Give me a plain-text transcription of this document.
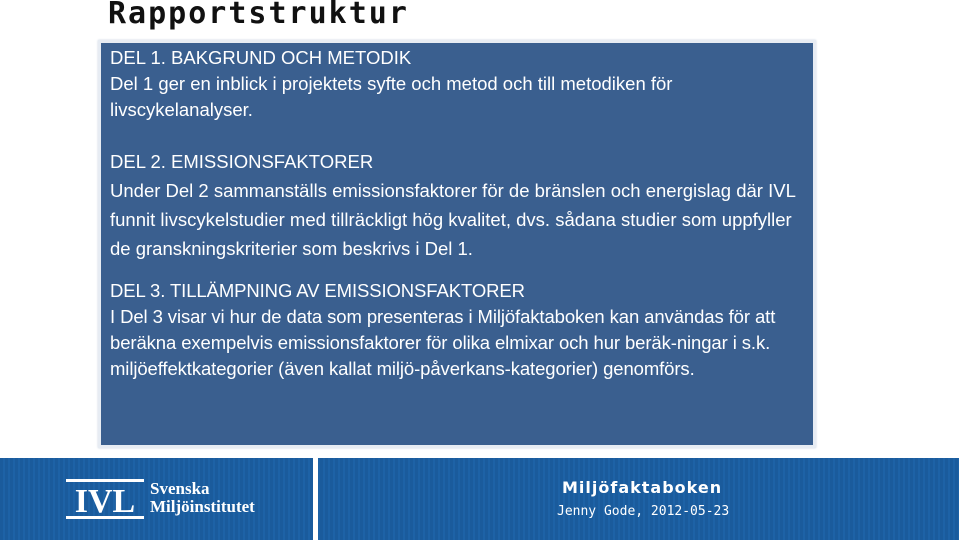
Rapportstruktur
DEL 1. BAKGRUND OCH METODIK
Del 1 ger en inblick i projektets syfte och metod och till metodiken för livscykelanalyser.
DEL 2. EMISSIONSFAKTORER
Under Del 2 sammanställs emissionsfaktorer för de bränslen och energislag där IVL funnit livscykelstudier med tillräckligt hög kvalitet, dvs. sådana studier som uppfyller de granskningskriterier som beskrivs i Del 1.
DEL 3. TILLÄMPNING AV EMISSIONSFAKTORER
I Del 3 visar vi hur de data som presenteras i Miljöfaktaboken kan användas för att beräkna exempelvis emissionsfaktorer för olika elmixar och hur beräk-ningar i s.k. miljöeffektkategorier (även kallat miljö-påverkans-kategorier) genomförs.
IVL Svenska
Miljöinstitutet
Miljöfaktaboken
Jenny Gode, 2012-05-23
